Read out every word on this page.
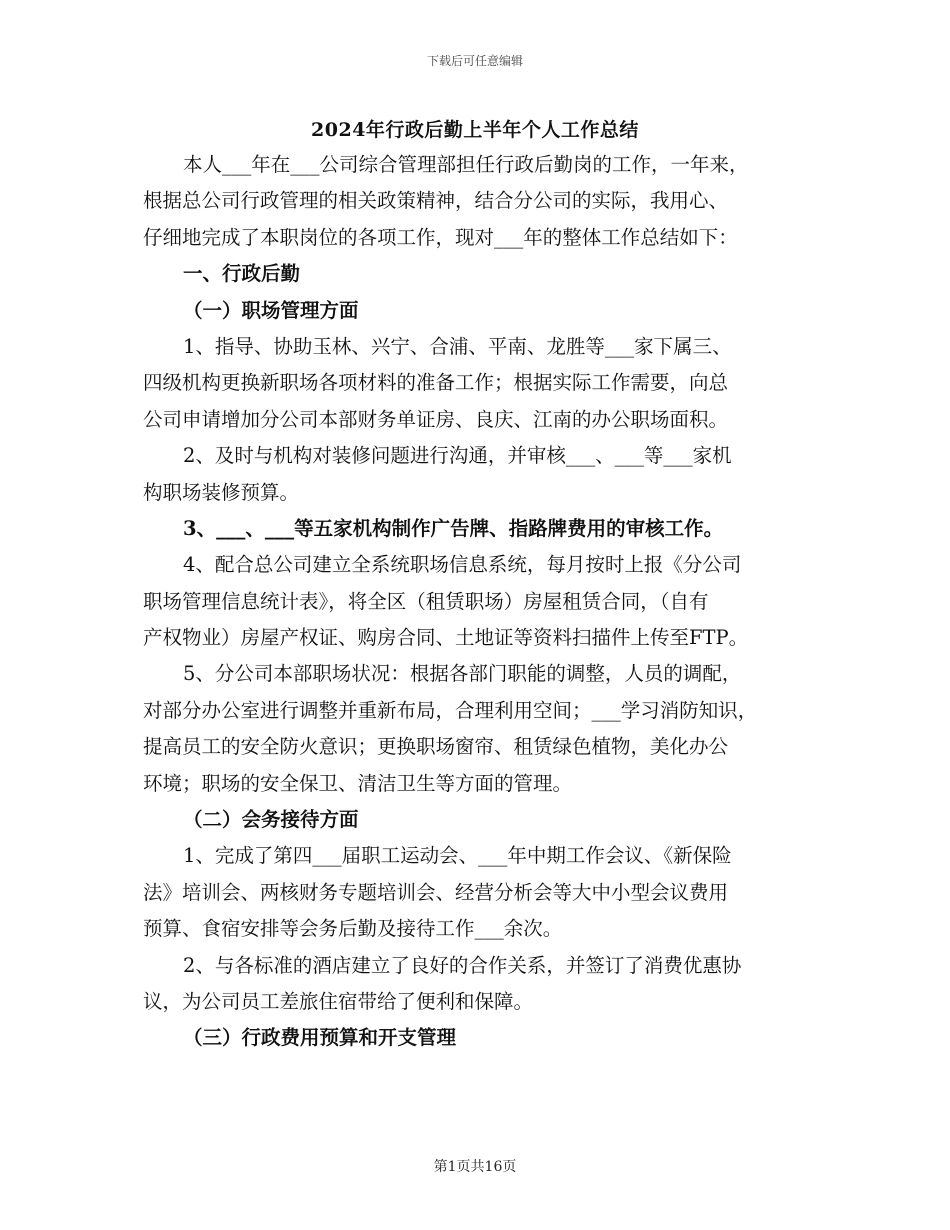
下载后可任意编辑
2024年行政后勤上半年个人工作总结
本人___年在___公司综合管理部担任行政后勤岗的工作，一年来，
根据总公司行政管理的相关政策精神，结合分公司的实际，我用心、
仔细地完成了本职岗位的各项工作，现对___年的整体工作总结如下：
一、行政后勤
（一）职场管理方面
1、指导、协助玉林、兴宁、合浦、平南、龙胜等___家下属三、
四级机构更换新职场各项材料的准备工作；根据实际工作需要，向总
公司申请增加分公司本部财务单证房、良庆、江南的办公职场面积。
2、及时与机构对装修问题进行沟通，并审核___、___等___家机
构职场装修预算。
3、___、___等五家机构制作广告牌、指路牌费用的审核工作。
4、配合总公司建立全系统职场信息系统，每月按时上报《分公司
职场管理信息统计表》，将全区（租赁职场）房屋租赁合同，（自有
产权物业）房屋产权证、购房合同、土地证等资料扫描件上传至FTP。
5、分公司本部职场状况：根据各部门职能的调整，人员的调配，
对部分办公室进行调整并重新布局，合理利用空间；___学习消防知识，
提高员工的安全防火意识；更换职场窗帘、租赁绿色植物，美化办公
环境；职场的安全保卫、清洁卫生等方面的管理。
（二）会务接待方面
1、完成了第四___届职工运动会、___年中期工作会议、《新保险
法》培训会、两核财务专题培训会、经营分析会等大中小型会议费用
预算、食宿安排等会务后勤及接待工作___余次。
2、与各标准的酒店建立了良好的合作关系，并签订了消费优惠协
议，为公司员工差旅住宿带给了便利和保障。
（三）行政费用预算和开支管理
第1页共16页
